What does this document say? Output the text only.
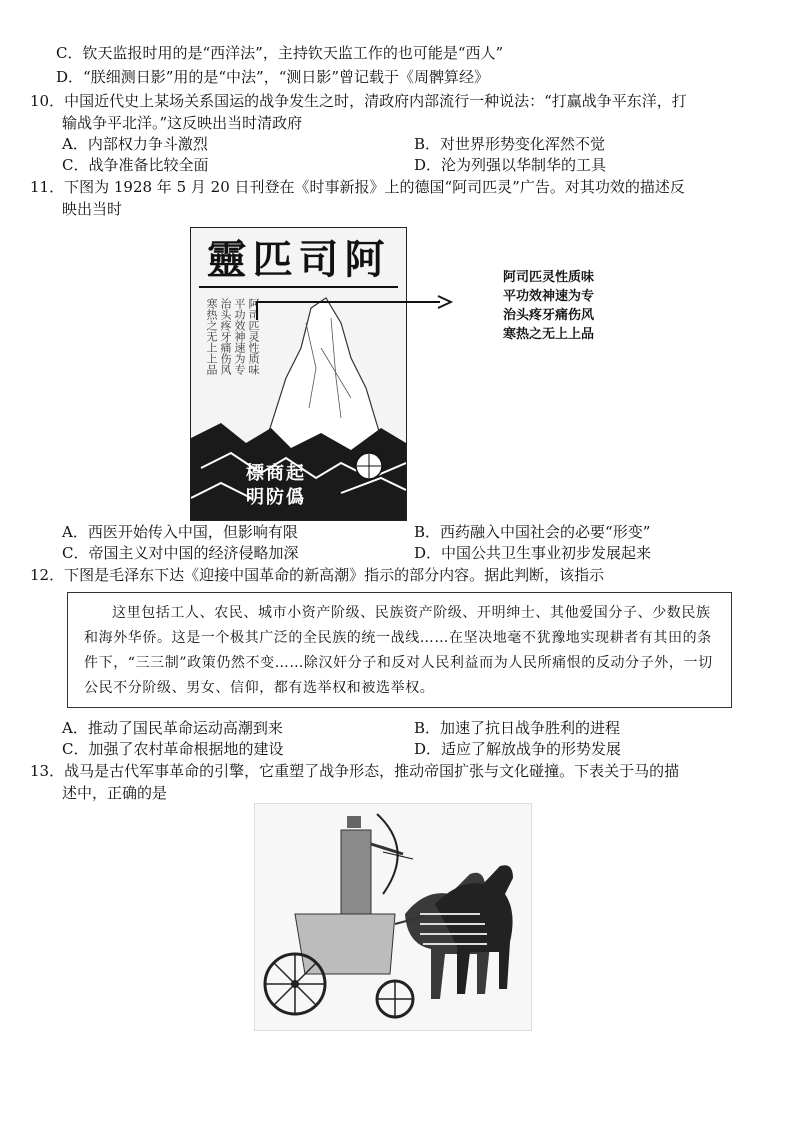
C．钦天监报时用的是“西洋法”，主持钦天监工作的也可能是“西人”
D．“朕细测日影”用的是“中法”，“测日影”曾记载于《周髀算经》
10．中国近代史上某场关系国运的战争发生之时，清政府内部流行一种说法：“打赢战争平东洋，打
输战争平北洋。”这反映出当时清政府
A．内部权力争斗激烈	B．对世界形势变化浑然不觉
C．战争准备比较全面	D．沦为列强以华制华的工具
11．下图为 1928 年 5 月 20 日刊登在《时事新报》上的德国“阿司匹灵”广告。对其功效的描述反
映出当时
靈匹司阿
阿司匹灵性质味
平功效神速为专
治头疼牙痛伤风
寒热之无上上品
標商起
明防僞
阿司匹灵性质味
平功效神速为专
治头疼牙痛伤风
寒热之无上上品
A．西医开始传入中国，但影响有限	B．西药融入中国社会的必要“形变”
C．帝国主义对中国的经济侵略加深	D．中国公共卫生事业初步发展起来
12．下图是毛泽东下达《迎接中国革命的新高潮》指示的部分内容。据此判断，该指示
这里包括工人、农民、城市小资产阶级、民族资产阶级、开明绅士、其他爱国分子、少数民族和海外华侨。这是一个极其广泛的全民族的统一战线……在坚决地毫不犹豫地实现耕者有其田的条件下，“三三制”政策仍然不变……除汉奸分子和反对人民利益而为人民所痛恨的反动分子外，一切公民不分阶级、男女、信仰，都有选举权和被选举权。
A．推动了国民革命运动高潮到来	B．加速了抗日战争胜利的进程
C．加强了农村革命根据地的建设	D．适应了解放战争的形势发展
13．战马是古代军事革命的引擎，它重塑了战争形态，推动帝国扩张与文化碰撞。下表关于马的描
述中，正确的是
